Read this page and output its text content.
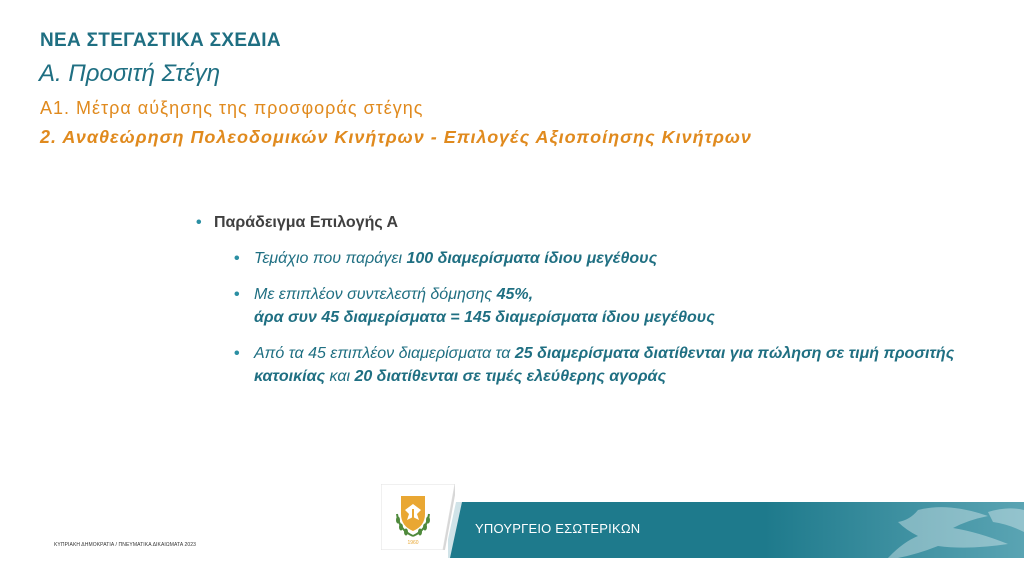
ΝΕΑ ΣΤΕΓΑΣΤΙΚΑ ΣΧΕΔΙΑ
Α. Προσιτή Στέγη
Α1. Μέτρα αύξησης της προσφοράς στέγης
2. Αναθεώρηση Πολεοδομικών Κινήτρων - Επιλογές Αξιοποίησης Κινήτρων
• Παράδειγμα Επιλογής Α
• Τεμάχιο που παράγει 100 διαμερίσματα ίδιου μεγέθους
• Με επιπλέον συντελεστή δόμησης 45%,
άρα συν 45 διαμερίσματα = 145 διαμερίσματα ίδιου μεγέθους
• Από τα 45 επιπλέον διαμερίσματα τα 25 διαμερίσματα διατίθενται για πώληση σε τιμή προσιτής κατοικίας και 20 διατίθενται σε τιμές ελεύθερης αγοράς
ΚΥΠΡΙΑΚΗ ΔΗΜΟΚΡΑΤΙΑ / ΠΝΕΥΜΑΤΙΚΑ ΔΙΚΑΙΩΜΑΤΑ 2023	1960
ΥΠΟΥΡΓΕΙΟ ΕΣΩΤΕΡΙΚΩΝ
